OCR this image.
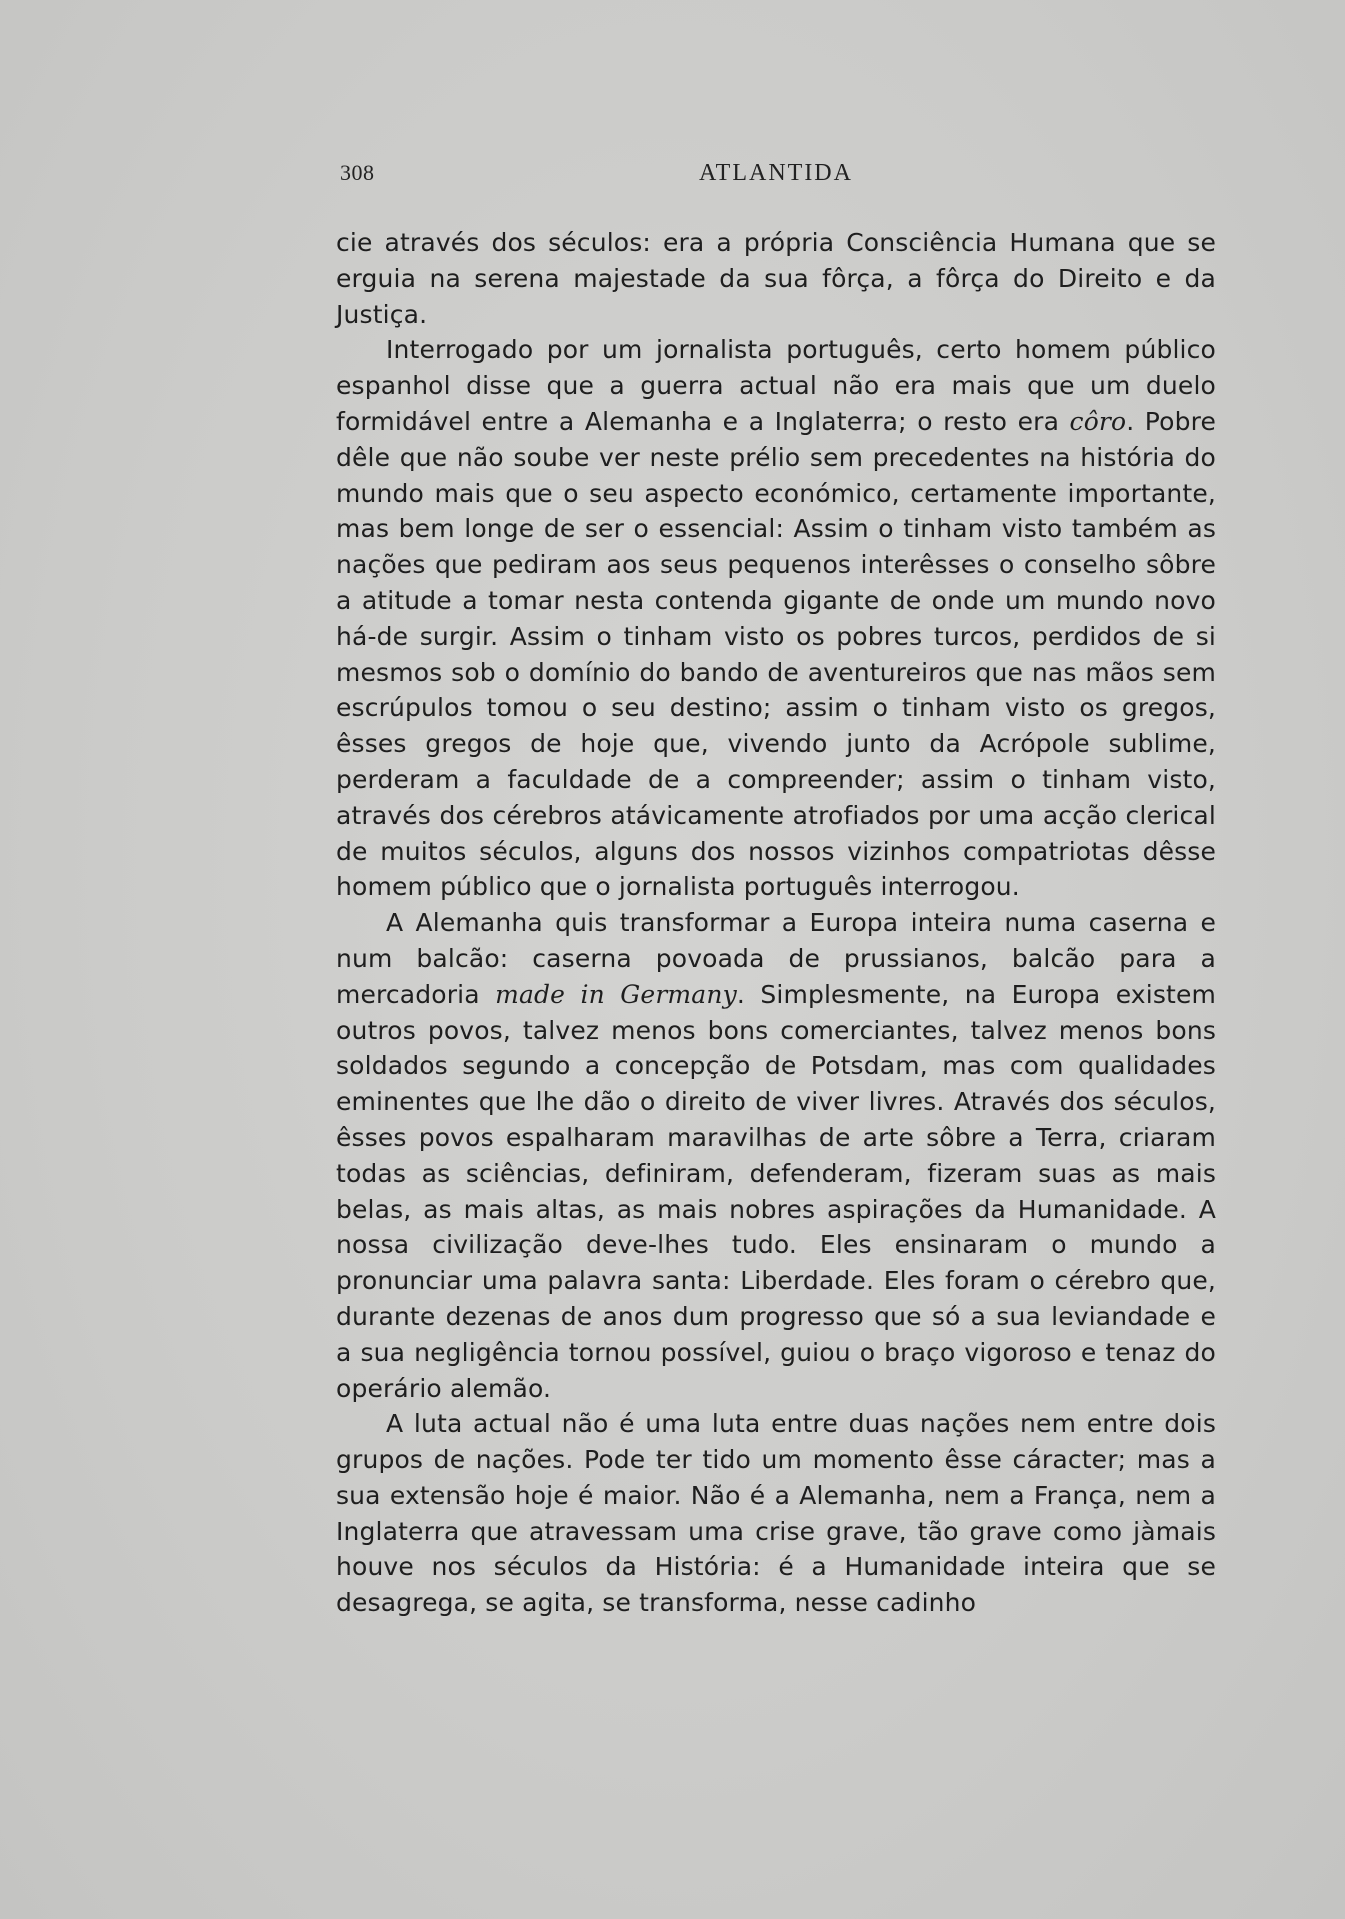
308	ATLANTIDA

cie através dos séculos: era a própria Consciência Humana que se erguia na serena majestade da sua fôrça, a fôrça do Direito e da Justiça.

Interrogado por um jornalista português, certo homem público espanhol disse que a guerra actual não era mais que um duelo formidável entre a Alemanha e a Inglaterra; o resto era côro. Pobre dêle que não soube ver neste prélio sem precedentes na história do mundo mais que o seu aspecto económico, certamente importante, mas bem longe de ser o essencial: Assim o tinham visto também as nações que pediram aos seus pequenos interêsses o conselho sôbre a atitude a tomar nesta contenda gigante de onde um mundo novo há-de surgir. Assim o tinham visto os pobres turcos, perdidos de si mesmos sob o domínio do bando de aventureiros que nas mãos sem escrúpulos tomou o seu destino; assim o tinham visto os gregos, êsses gregos de hoje que, vivendo junto da Acrópole sublime, perderam a faculdade de a compreender; assim o tinham visto, através dos cérebros atávicamente atrofiados por uma acção clerical de muitos séculos, alguns dos nossos vizinhos compatriotas dêsse homem público que o jornalista português interrogou.

A Alemanha quis transformar a Europa inteira numa caserna e num balcão: caserna povoada de prussianos, balcão para a mercadoria made in Germany. Simplesmente, na Europa existem outros povos, talvez menos bons comerciantes, talvez menos bons soldados segundo a concepção de Potsdam, mas com qualidades eminentes que lhe dão o direito de viver livres. Através dos séculos, êsses povos espalharam maravilhas de arte sôbre a Terra, criaram todas as sciências, definiram, defenderam, fizeram suas as mais belas, as mais altas, as mais nobres aspirações da Humanidade. A nossa civilização deve-lhes tudo. Eles ensinaram o mundo a pronunciar uma palavra santa: Liberdade. Eles foram o cérebro que, durante dezenas de anos dum progresso que só a sua leviandade e a sua negligência tornou possível, guiou o braço vigoroso e tenaz do operário alemão.

A luta actual não é uma luta entre duas nações nem entre dois grupos de nações. Pode ter tido um momento êsse cáracter; mas a sua extensão hoje é maior. Não é a Alemanha, nem a França, nem a Inglaterra que atravessam uma crise grave, tão grave como jàmais houve nos séculos da História: é a Humanidade inteira que se desagrega, se agita, se transforma, nesse cadinho
